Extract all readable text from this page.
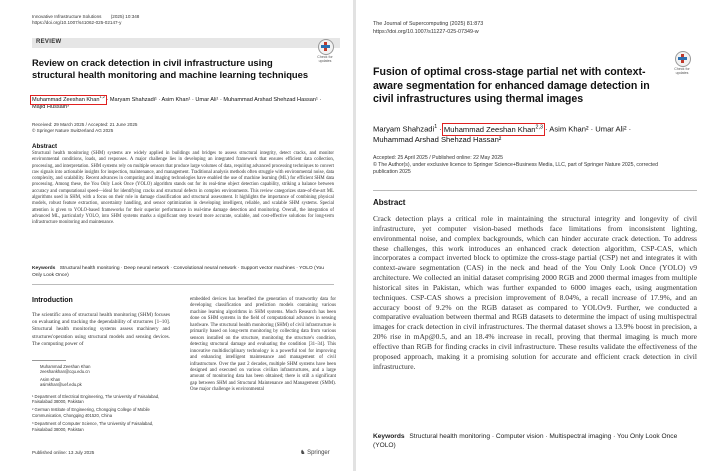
Innovative Infrastructure Solutions (2025) 10:348
https://doi.org/10.1007/s41062-025-02147-y
REVIEW
Check for updates
Review on crack detection in civil infrastructure using structural health monitoring and machine learning techniques
Muhammad Zeeshan Khan$^{1,2}$ · Maryam Shahzadi¹ · Asim Khan¹ · Umar Ali¹ · Muhammad Arshad Shehzad Hassan¹ ·
Majid Hussain³
Received: 29 March 2025 / Accepted: 21 June 2025
© Springer Nature Switzerland AG 2025
Abstract
Structural health monitoring (SHM) systems are widely applied in buildings and bridges to assess structural integrity, detect cracks, and monitor environmental conditions, loads, and responses. A major challenge lies in developing an integrated framework that ensures efficient data collection, processing, and interpretation. SHM systems rely on multiple sensors that produce large volumes of data, requiring advanced processing techniques to convert raw signals into actionable insights for inspection, maintenance, and management. Traditional analysis methods often struggle with environmental noise, data complexity, and scalability. Recent advances in computing and imaging technologies have enabled the use of machine learning (ML) for efficient SHM data processing. Among these, the You Only Look Once (YOLO) algorithm stands out for its real-time object detection capability, striking a balance between accuracy and computational speed—ideal for identifying cracks and structural defects in complex environments. This review categorizes state-of-the-art ML algorithms used in SHM, with a focus on their role in damage classification and structural assessment. It highlights the importance of combining physical models, robust feature extraction, uncertainty handling, and sensor optimization in developing intelligent, reliable, and scalable SHM systems. Special attention is given to YOLO-based frameworks for their superior performance in real-time damage detection and monitoring. Overall, the integration of advanced ML, particularly YOLO, into SHM systems marks a significant step toward more accurate, scalable, and cost-effective solutions for long-term infrastructure monitoring and maintenance.
Keywords Structural health monitoring · Deep neural network · Convolutional neural network · Support vector machines · YOLO (You Only Look Once)
Introduction
The scientific area of structural health monitoring (SHM) focuses on evaluating and tracking the dependability of structures [1–10]. Structural health monitoring systems assess machinery and structures'operation using structural models and sensing devices. The computing power of
Muhammad Zeeshan Khan
zeeshankhan@cqu.edu.cn
Asim Khan
asimkhan@uef.edu.pk
¹ Department of Electrical Engineering, The University of Faisalabad, Faisalabad 38000, Pakistan
² German Institute of Engineering, Chongqing College of Mobile Communication, Chongqing 401520, China
³ Department of Computer Science, The University of Faisalabad, Faisalabad 38000, Pakistan
embedded devices has benefited the generation of trustworthy data for developing classification and prediction models containing various machine learning algorithms in SHM systems. Much Research has been done on SHM systems in the field of computational advances in sensing hardware. The structural health monitoring (SHM) of civil infrastructure is primarily based on long-term monitoring by collecting data from various sensors installed on the structure, monitoring the structure's condition, detecting structural damage and evaluating the condition [31–34]. This innovative multidisciplinary technology is a powerful tool for improving and enhancing intelligent maintenance and management of civil infrastructure. Over the past 2 decades, multiple SHM systems have been designed and executed on various civilian infrastructures, and a large amount of monitoring data has been obtained; there is still a significant gap between SHM and Structural Maintenance and Management (SMM). One major challenge is environmental
Published online: 13 July 2025	♞ Springer
The Journal of Supercomputing (2025) 81:873
https://doi.org/10.1007/s11227-025-07349-w
Check for updates
Fusion of optimal cross-stage partial net with context-aware segmentation for enhanced damage detection in civil infrastructures using thermal images
Maryam Shahzadi$^1$ · Muhammad Zeeshan Khan$^{2,3}$ · Asim Khan² · Umar Ali² ·
Muhammad Arshad Shehzad Hassan²
Accepted: 25 April 2025 / Published online: 22 May 2025
© The Author(s), under exclusive licence to Springer Science+Business Media, LLC, part of Springer Nature 2025, corrected publication 2025
Abstract
Crack detection plays a critical role in maintaining the structural integrity and longevity of civil infrastructure, yet computer vision-based methods face limitations from inconsistent lighting, environmental noise, and complex backgrounds, which can hinder accurate crack detection. To address these challenges, this work introduces an enhanced crack detection algorithm, CSP-CAS, which incorporates a compact inverted block to optimize the cross-stage partial (CSP) net and integrates it with context-aware segmentation (CAS) in the neck and head of the You Only Look Once (YOLO) v9 architecture. We collected an initial dataset comprising 2000 RGB and 2000 thermal images from multiple historical sites in Pakistan, which was further expanded to 6000 images each, using augmentation techniques. CSP-CAS shows a precision improvement of 8.04%, a recall increase of 17.9%, and an accuracy boost of 9.2% on the RGB dataset as compared to YOLOv9. Further, we conducted a comparative evaluation between thermal and RGB datasets to determine the impact of using multispectral images for crack detection in civil infrastructures. The thermal dataset shows a 13.9% boost in precision, a 20% rise in mAp@0.5, and an 18.4% increase in recall, proving that thermal imaging is much more effective than RGB for finding cracks in civil infrastructure. These results validate the effectiveness of the proposed approach, making it a promising solution for accurate and efficient crack detection in civil infrastructure.
Keywords Structural health monitoring · Computer vision · Multispectral imaging · You Only Look Once (YOLO)
